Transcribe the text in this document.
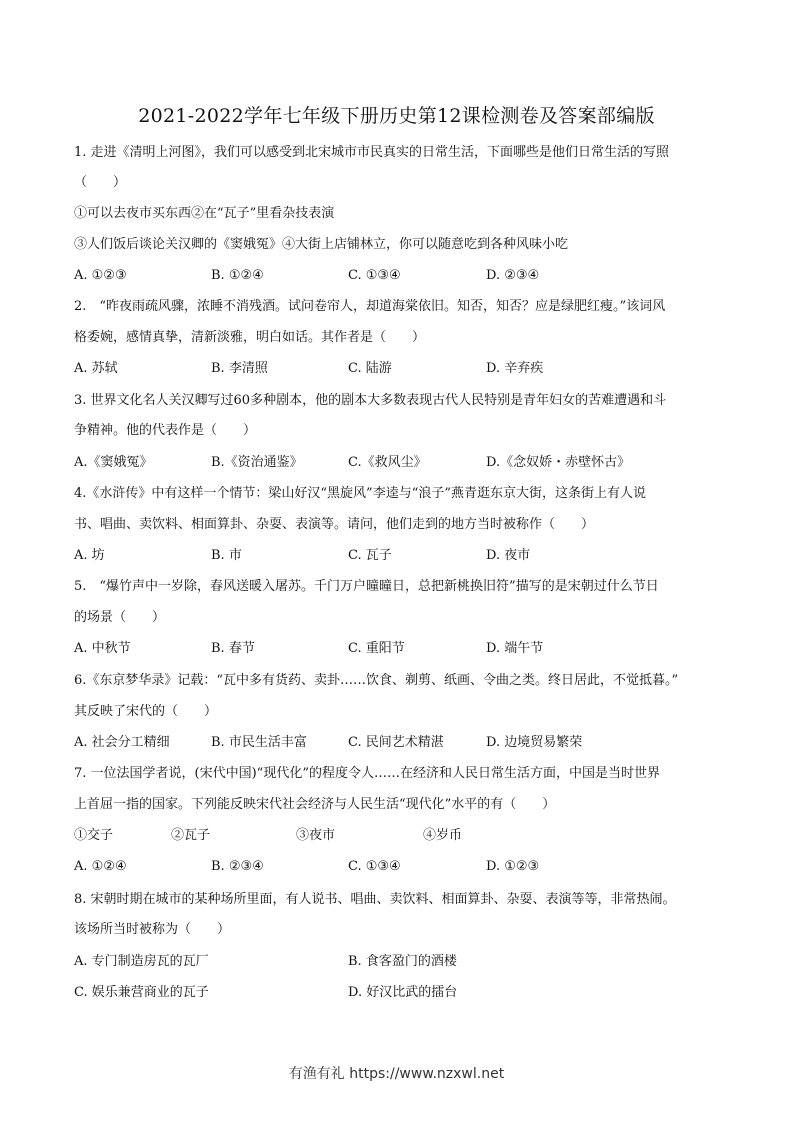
2021-2022学年七年级下册历史第12课检测卷及答案部编版
1. 走进《清明上河图》，我们可以感受到北宋城市市民真实的日常生活，下面哪些是他们日常生活的写照
（　　）
①可以去夜市买东西②在“瓦子”里看杂技表演
③人们饭后谈论关汉卿的《窦娥冤》④大街上店铺林立，你可以随意吃到各种风味小吃
A. ①②③	B. ①②④	C. ①③④	D. ②③④
2.　“昨夜雨疏风骤，浓睡不消残酒。试问卷帘人，却道海棠依旧。知否，知否？应是绿肥红瘦。”该词风
格委婉，感情真挚，清新淡雅，明白如话。其作者是（　　）
A. 苏轼	B. 李清照	C. 陆游	D. 辛弃疾
3. 世界文化名人关汉卿写过60多种剧本，他的剧本大多数表现古代人民特别是青年妇女的苦难遭遇和斗
争精神。他的代表作是（　　）
A.《窦娥冤》	B.《资治通鉴》	C.《救风尘》	D.《念奴娇・赤壁怀古》
4.《水浒传》中有这样一个情节：梁山好汉“黑旋风”李逵与“浪子”燕青逛东京大街，这条街上有人说
书、唱曲、卖饮料、相面算卦、杂耍、表演等。请问，他们走到的地方当时被称作（　　）
A. 坊	B. 市	C. 瓦子	D. 夜市
5.　“爆竹声中一岁除，春风送暖入屠苏。千门万户曈曈日，总把新桃换旧符”描写的是宋朝过什么节日
的场景（　　）
A. 中秋节	B. 春节	C. 重阳节	D. 端午节
6.《东京梦华录》记载：“瓦中多有货药、卖卦……饮食、剃剪、纸画、令曲之类。终日居此，不觉抵暮。”
其反映了宋代的（　　）
A. 社会分工精细	B. 市民生活丰富	C. 民间艺术精湛	D. 边境贸易繁荣
7. 一位法国学者说，(宋代中国)“现代化”的程度令人……在经济和人民日常生活方面，中国是当时世界
上首屈一指的国家。下列能反映宋代社会经济与人民生活“现代化”水平的有（　　）
①交子	②瓦子	③夜市	④岁币
A. ①②④	B. ②③④	C. ①③④	D. ①②③
8. 宋朝时期在城市的某种场所里面，有人说书、唱曲、卖饮料、相面算卦、杂耍、表演等等，非常热闹。
该场所当时被称为（　　）
A. 专门制造房瓦的瓦厂	B. 食客盈门的酒楼
C. 娱乐兼营商业的瓦子	D. 好汉比武的擂台
有渔有礼 https://www.nzxwl.net
